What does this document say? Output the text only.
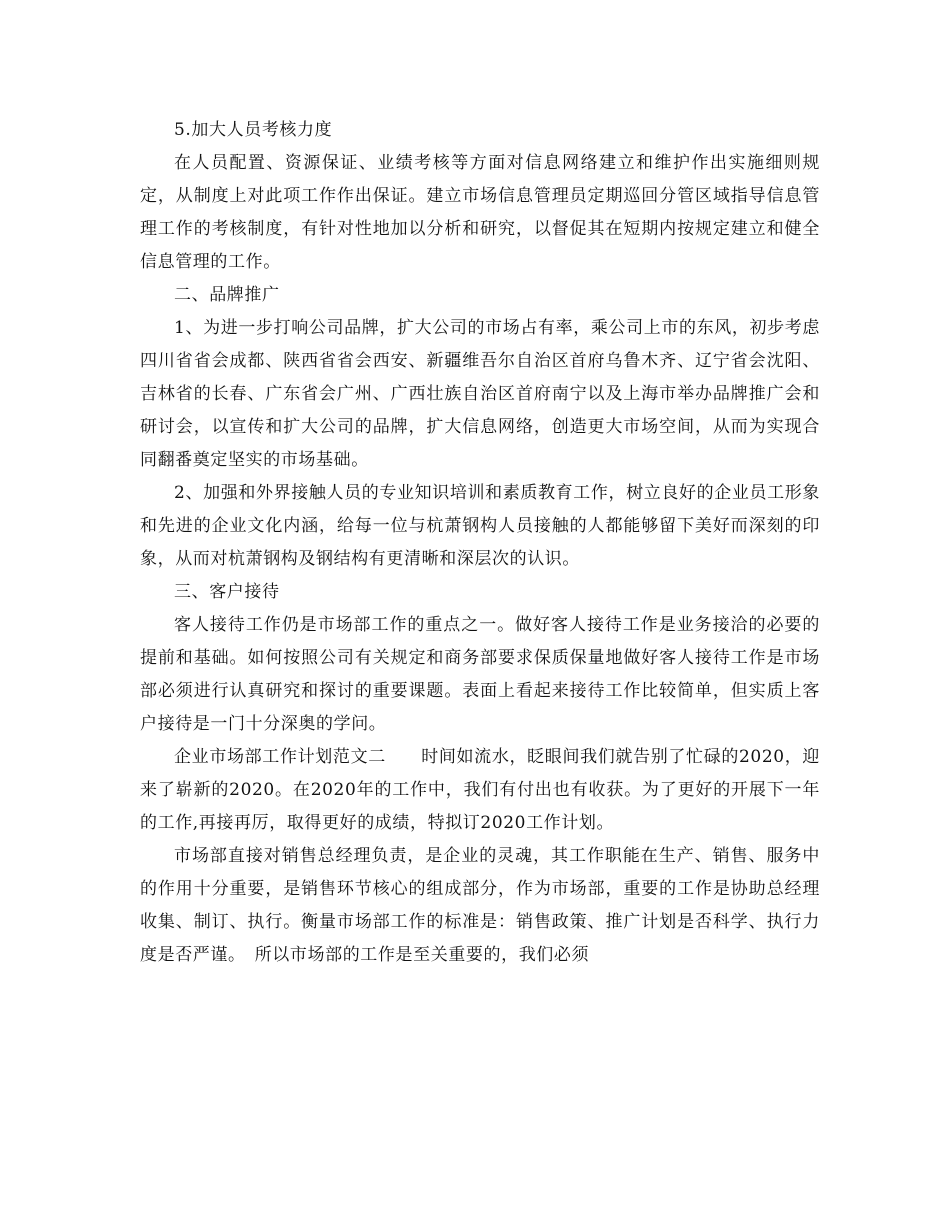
5.加大人员考核力度

在人员配置、资源保证、业绩考核等方面对信息网络建立和维护作出实施细则规定，从制度上对此项工作作出保证。建立市场信息管理员定期巡回分管区域指导信息管理工作的考核制度，有针对性地加以分析和研究，以督促其在短期内按规定建立和健全信息管理的工作。

二、品牌推广

1、为进一步打响公司品牌，扩大公司的市场占有率，乘公司上市的东风，初步考虑四川省省会成都、陕西省省会西安、新疆维吾尔自治区首府乌鲁木齐、辽宁省会沈阳、吉林省的长春、广东省会广州、广西壮族自治区首府南宁以及上海市举办品牌推广会和研讨会，以宣传和扩大公司的品牌，扩大信息网络，创造更大市场空间，从而为实现合同翻番奠定坚实的市场基础。

2、加强和外界接触人员的专业知识培训和素质教育工作，树立良好的企业员工形象和先进的企业文化内涵，给每一位与杭萧钢构人员接触的人都能够留下美好而深刻的印象，从而对杭萧钢构及钢结构有更清晰和深层次的认识。

三、客户接待

客人接待工作仍是市场部工作的重点之一。做好客人接待工作是业务接洽的必要的提前和基础。如何按照公司有关规定和商务部要求保质保量地做好客人接待工作是市场部必须进行认真研究和探讨的重要课题。表面上看起来接待工作比较简单，但实质上客户接待是一门十分深奥的学问。

企业市场部工作计划范文二　　时间如流水，眨眼间我们就告别了忙碌的2020，迎来了崭新的2020。在2020年的工作中，我们有付出也有收获。为了更好的开展下一年的工作,再接再厉，取得更好的成绩，特拟订2020工作计划。

市场部直接对销售总经理负责，是企业的灵魂，其工作职能在生产、销售、服务中的作用十分重要，是销售环节核心的组成部分，作为市场部，重要的工作是协助总经理收集、制订、执行。衡量市场部工作的标准是：销售政策、推广计划是否科学、执行力度是否严谨。　所以市场部的工作是至关重要的，我们必须
